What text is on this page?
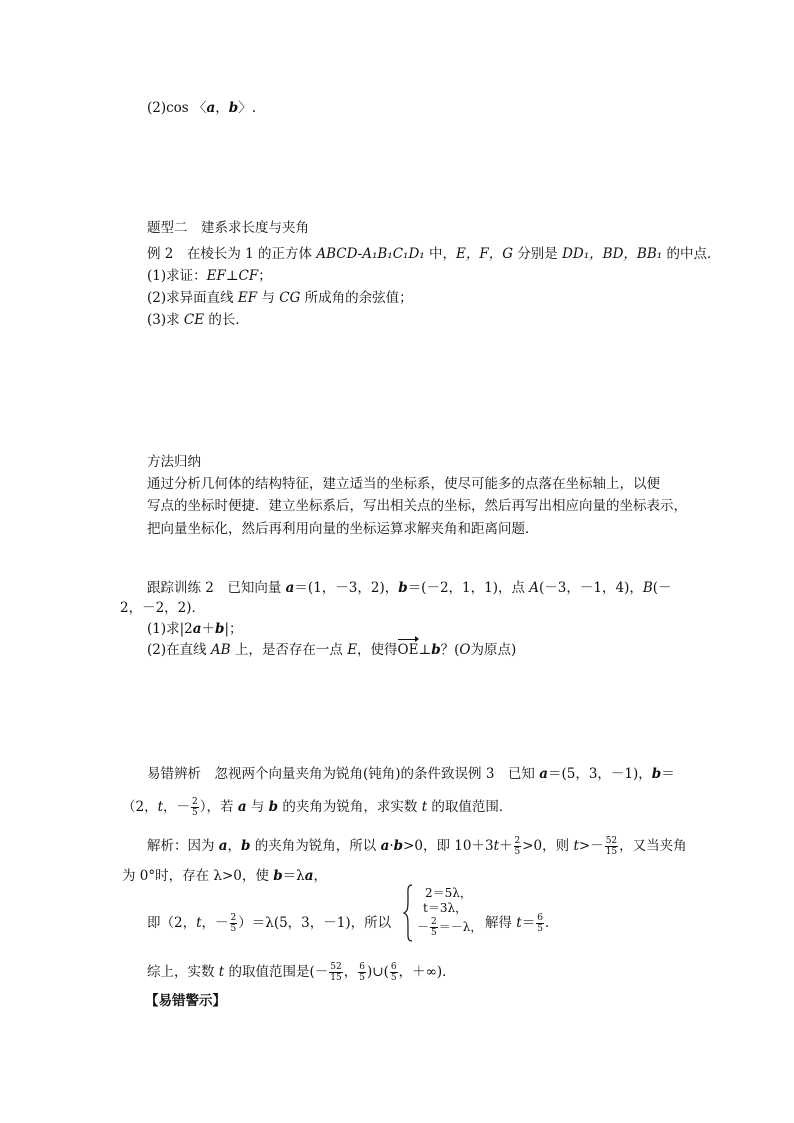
(2)cos 〈a，b〉.
题型二　建系求长度与夹角
例 2　在棱长为 1 的正方体 ABCD-A₁B₁C₁D₁ 中，E，F，G 分别是 DD₁，BD，BB₁ 的中点．
(1)求证：EF⊥CF；
(2)求异面直线 EF 与 CG 所成角的余弦值；
(3)求 CE 的长．
方法归纳
通过分析几何体的结构特征，建立适当的坐标系，使尽可能多的点落在坐标轴上，以便
写点的坐标时便捷．建立坐标系后，写出相关点的坐标，然后再写出相应向量的坐标表示，
把向量坐标化，然后再利用向量的坐标运算求解夹角和距离问题．
跟踪训练 2　已知向量 a＝(1，－3，2)，b＝(－2，1，1)，点 A(－3，－1，4)，B(－
2，－2，2)．
(1)求|2a＋b|；
(2)在直线 AB 上，是否存在一点 E，使得OE⊥b？(O为原点)
易错辨析　忽视两个向量夹角为锐角(钝角)的条件致误例 3　已知 a＝(5，3，－1)，b＝
（2，t，－ $\frac{2}{5}$ ），若 a 与 b 的夹角为锐角，求实数 t 的取值范围．
解析：因为 a，b 的夹角为锐角，所以 a·b>0，即 $10+3t+ \frac{2}{5} >0$，则 $t>- \frac{52}{15}$ ，又当夹角
为 0°时，存在 λ>0，使 b＝λa，
即（2，t，－ $\frac{2}{5} )=\lambda(5$，3，－1)，所以
2＝5λ，
t＝3λ，
－ $\frac{2}{5} =-\lambda$， 解得 $t= \frac{6}{5}$ ．
综上，实数 t 的取值范围是(－ $\frac{52}{15}$ ， $\frac{6}{5}$ )∪( $\frac{6}{5}$ ，＋∞)．
【易错警示】
